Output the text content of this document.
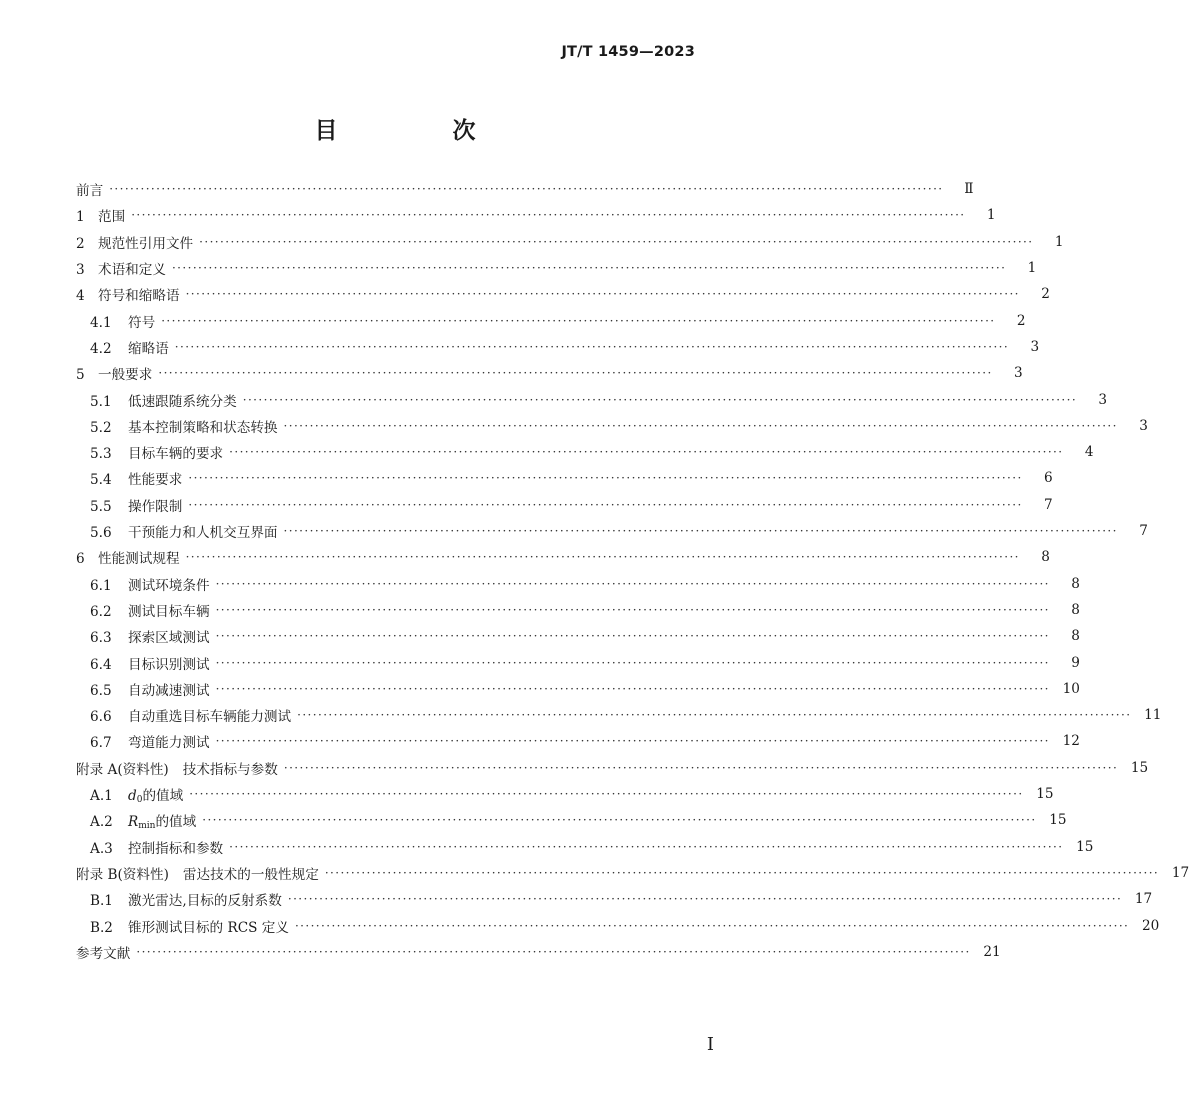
JT/T 1459—2023
目　次
前言 ································································································································································	Ⅱ
1 范围 ································································································································································	1
2 规范性引用文件 ································································································································································	1
3 术语和定义 ································································································································································	1
4 符号和缩略语 ································································································································································	2
4.1 符号 ································································································································································	2
4.2 缩略语 ································································································································································	3
5 一般要求 ································································································································································	3
5.1 低速跟随系统分类 ································································································································································	3
5.2 基本控制策略和状态转换 ································································································································································	3
5.3 目标车辆的要求 ································································································································································	4
5.4 性能要求 ································································································································································	6
5.5 操作限制 ································································································································································	7
5.6 干预能力和人机交互界面 ································································································································································	7
6 性能测试规程 ································································································································································	8
6.1 测试环境条件 ································································································································································	8
6.2 测试目标车辆 ································································································································································	8
6.3 探索区域测试 ································································································································································	8
6.4 目标识别测试 ································································································································································	9
6.5 自动减速测试 ································································································································································ 10
6.6 自动重选目标车辆能力测试 ································································································································································ 11
6.7 弯道能力测试 ································································································································································ 12
附录 A(资料性) 技术指标与参数 ································································································································································ 15
A.1 $d_0$的值域 ································································································································································ 15
A.2 $R_{min}$的值域 ································································································································································ 15
A.3 控制指标和参数 ································································································································································ 15
附录 B(资料性) 雷达技术的一般性规定 ································································································································································ 17
B.1 激光雷达,目标的反射系数 ································································································································································ 17
B.2 锥形测试目标的 RCS 定义 ································································································································································ 20
参考文献 ································································································································································ 21
I
